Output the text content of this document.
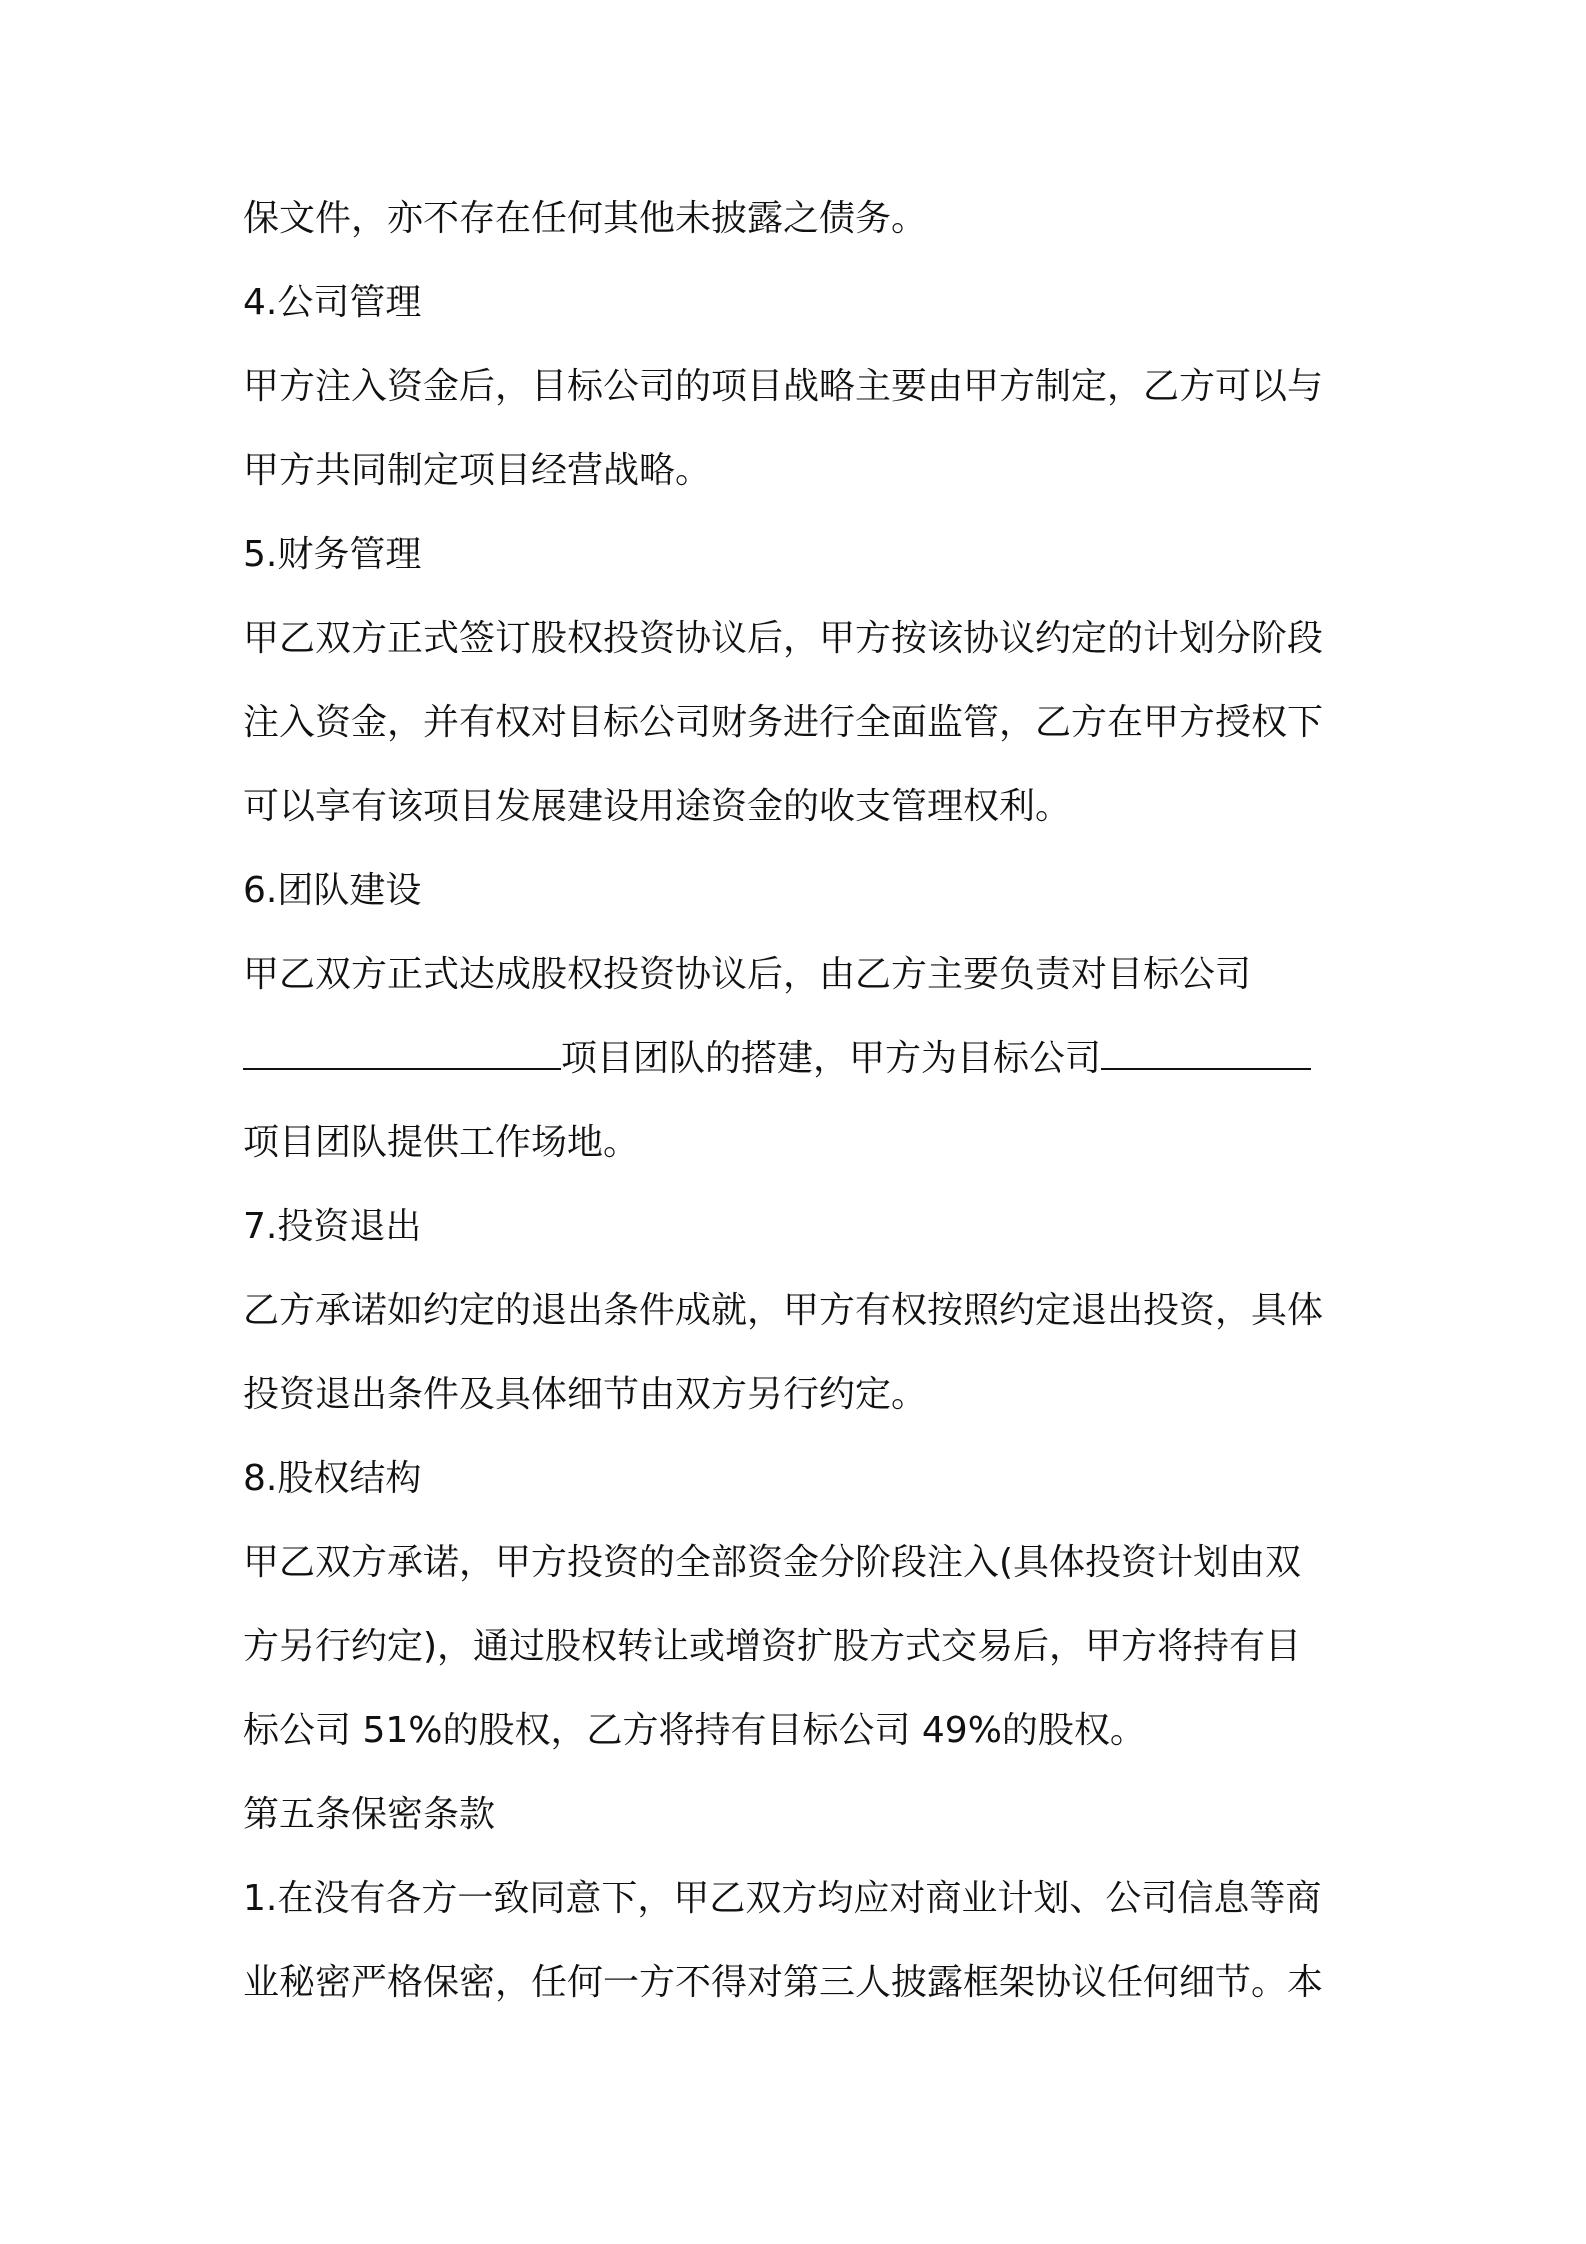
保文件，亦不存在任何其他未披露之债务。
4.公司管理
甲方注入资金后，目标公司的项目战略主要由甲方制定，乙方可以与
甲方共同制定项目经营战略。
5.财务管理
甲乙双方正式签订股权投资协议后，甲方按该协议约定的计划分阶段
注入资金，并有权对目标公司财务进行全面监管，乙方在甲方授权下
可以享有该项目发展建设用途资金的收支管理权利。
6.团队建设
甲乙双方正式达成股权投资协议后，由乙方主要负责对目标公司
项目团队的搭建，甲方为目标公司
项目团队提供工作场地。
7.投资退出
乙方承诺如约定的退出条件成就，甲方有权按照约定退出投资，具体
投资退出条件及具体细节由双方另行约定。
8.股权结构
甲乙双方承诺，甲方投资的全部资金分阶段注入(具体投资计划由双
方另行约定)，通过股权转让或增资扩股方式交易后，甲方将持有目
标公司 51%的股权，乙方将持有目标公司 49%的股权。
第五条保密条款
1.在没有各方一致同意下，甲乙双方均应对商业计划、公司信息等商
业秘密严格保密，任何一方不得对第三人披露框架协议任何细节。本
